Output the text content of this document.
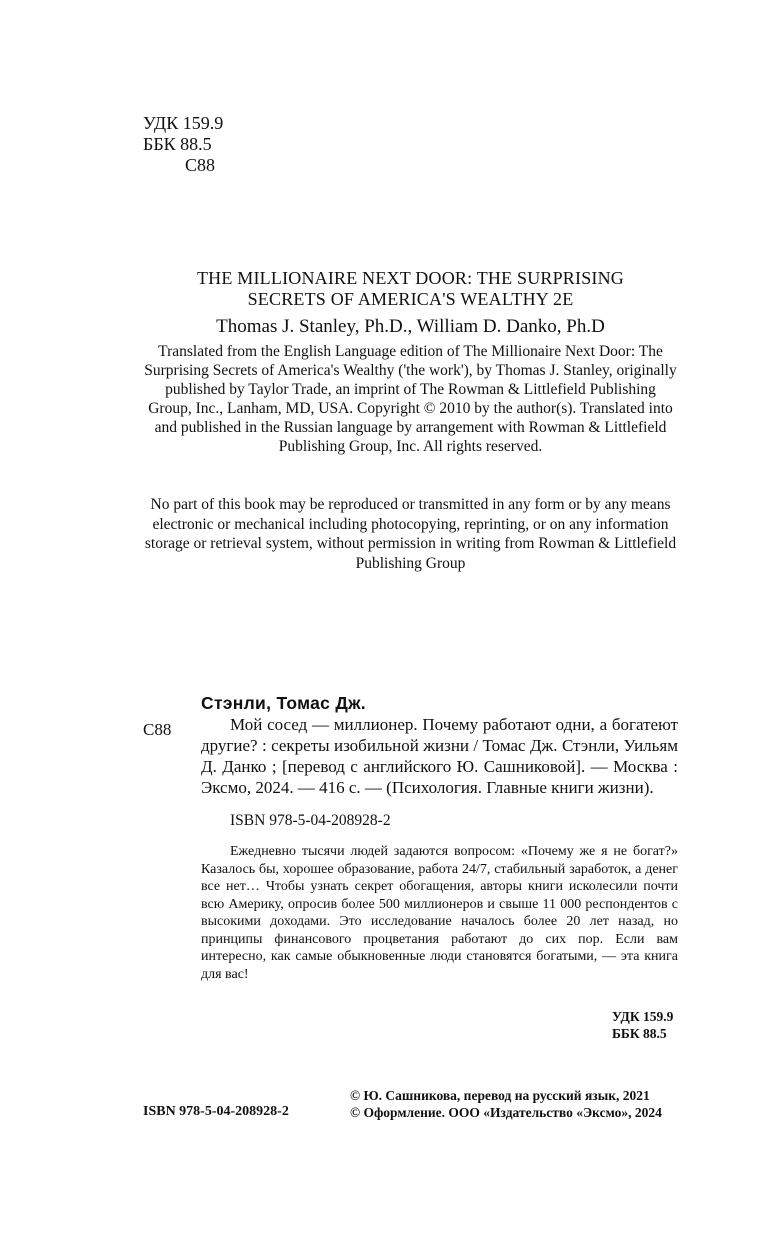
УДК 159.9
ББК 88.5
С88
THE MILLIONAIRE NEXT DOOR: THE SURPRISING
SECRETS OF AMERICA'S WEALTHY 2E
Thomas J. Stanley, Ph.D., William D. Danko, Ph.D
Translated from the English Language edition of The Millionaire Next Door: The Surprising Secrets of America's Wealthy ('the work'), by Thomas J. Stanley, originally published by Taylor Trade, an imprint of The Rowman & Littlefield Publishing Group, Inc., Lanham, MD, USA. Copyright © 2010 by the author(s). Translated into and published in the Russian language by arrangement with Rowman & Littlefield Publishing Group, Inc. All rights reserved.
No part of this book may be reproduced or transmitted in any form or by any means electronic or mechanical including photocopying, reprinting, or on any information storage or retrieval system, without permission in writing from Rowman & Littlefield Publishing Group
С88
Стэнли, Томас Дж.
Мой сосед — миллионер. Почему работают одни, а богатеют другие? : секреты изобильной жизни / Томас Дж. Стэнли, Уильям Д. Данко ; [перевод с английского Ю. Сашниковой]. — Москва : Эксмо, 2024. — 416 с. — (Психология. Главные книги жизни).
ISBN 978-5-04-208928-2
Ежедневно тысячи людей задаются вопросом: «Почему же я не богат?» Казалось бы, хорошее образование, работа 24/7, стабильный заработок, а денег все нет… Чтобы узнать секрет обогащения, авторы книги исколесили почти всю Америку, опросив более 500 миллионеров и свыше 11 000 респондентов с высокими доходами. Это исследование началось более 20 лет назад, но принципы финансового процветания работают до сих пор. Если вам интересно, как самые обыкновенные люди становятся богатыми, — эта книга для вас!
УДК 159.9
ББК 88.5
ISBN 978-5-04-208928-2
© Ю. Сашникова, перевод на русский язык, 2021
© Оформление. ООО «Издательство «Эксмо», 2024
